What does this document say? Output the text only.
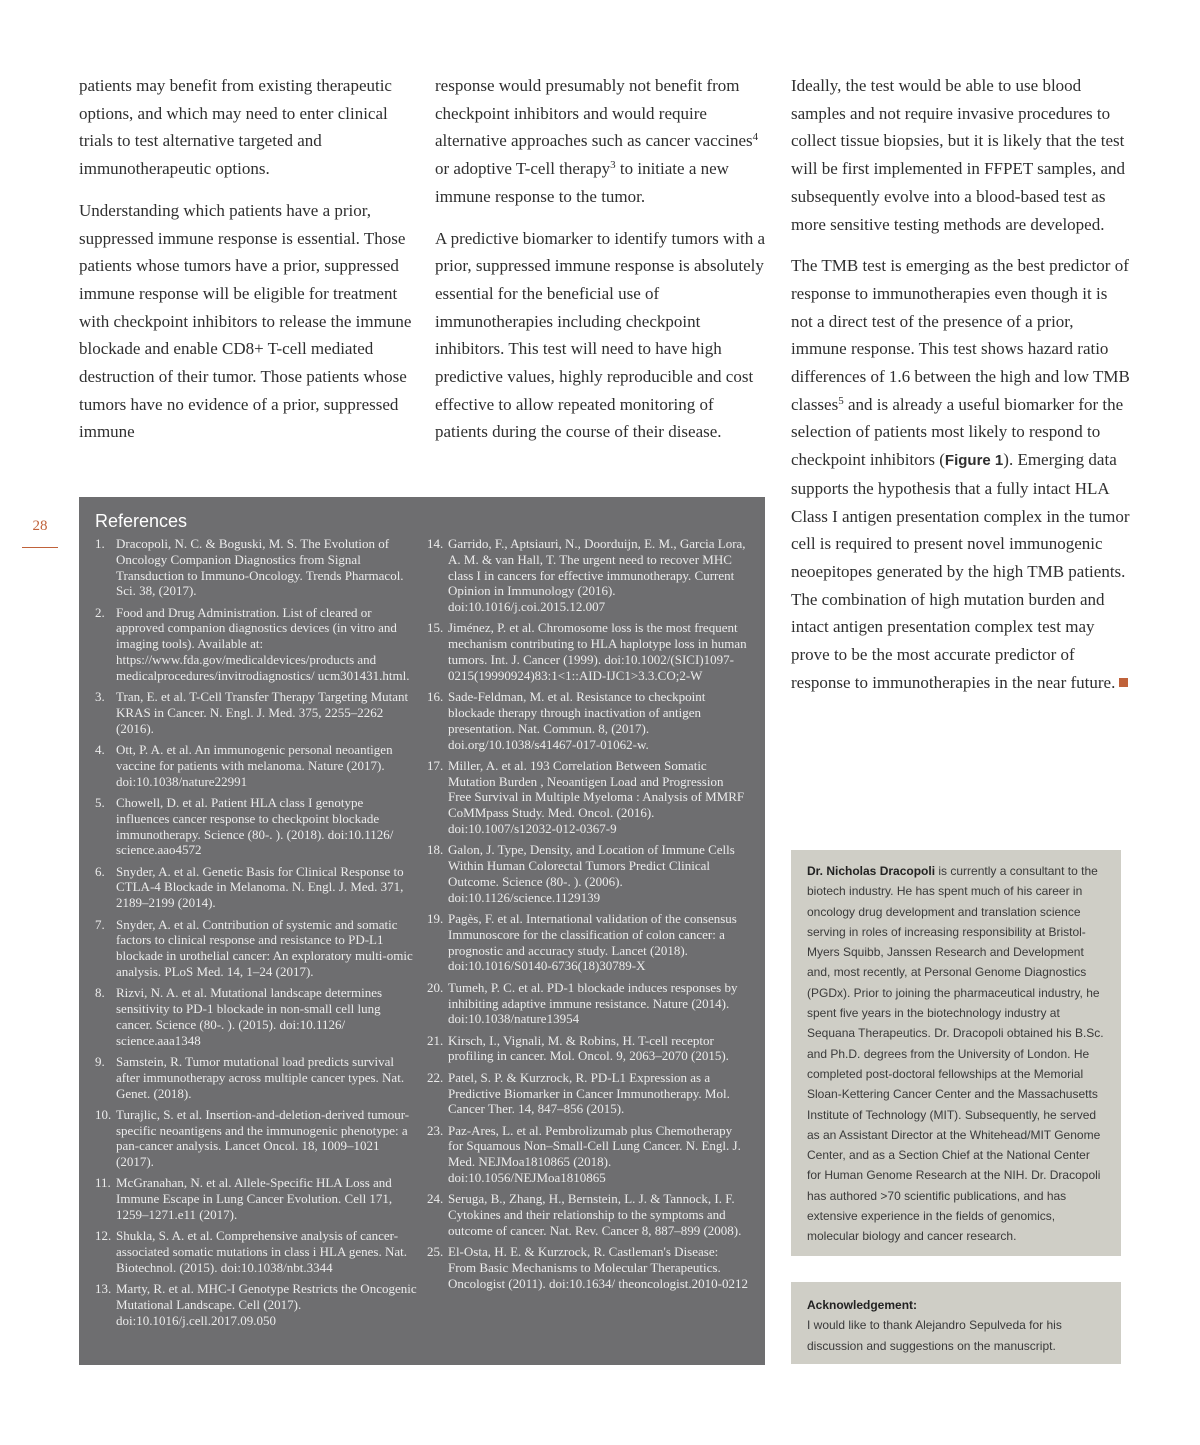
patients may benefit from existing therapeutic options, and which may need to enter clinical trials to test alternative targeted and immunotherapeutic options.

Understanding which patients have a prior, suppressed immune response is essential. Those patients whose tumors have a prior, suppressed immune response will be eligible for treatment with checkpoint inhibitors to release the immune blockade and enable CD8+ T-cell mediated destruction of their tumor. Those patients whose tumors have no evidence of a prior, suppressed immune

response would presumably not benefit from checkpoint inhibitors and would require alternative approaches such as cancer vaccines$^4$ or adoptive T-cell therapy$^3$ to initiate a new immune response to the tumor.

A predictive biomarker to identify tumors with a prior, suppressed immune response is absolutely essential for the beneficial use of immunotherapies including checkpoint inhibitors. This test will need to have high predictive values, highly reproducible and cost effective to allow repeated monitoring of patients during the course of their disease.

Ideally, the test would be able to use blood samples and not require invasive procedures to collect tissue biopsies, but it is likely that the test will be first implemented in FFPET samples, and subsequently evolve into a blood-based test as more sensitive testing methods are developed.

The TMB test is emerging as the best predictor of response to immunotherapies even though it is not a direct test of the presence of a prior, immune response. This test shows hazard ratio differences of 1.6 between the high and low TMB classes$^5$ and is already a useful biomarker for the selection of patients most likely to respond to checkpoint inhibitors (Figure 1). Emerging data supports the hypothesis that a fully intact HLA Class I antigen presentation complex in the tumor cell is required to present novel immunogenic neoepitopes generated by the high TMB patients.

The combination of high mutation burden and intact antigen presentation complex test may prove to be the most accurate predictor of response to immunotherapies in the near future.

28	References
1. Dracopoli, N. C. & Boguski, M. S. The Evolution of Oncology Companion Diagnostics from Signal Transduction to Immuno-Oncology. Trends Pharmacol. Sci. 38, (2017).
2. Food and Drug Administration. List of cleared or approved companion diagnostics devices (in vitro and imaging tools). Available at: https://www.fda.gov/medicaldevices/products and medicalprocedures/invitrodiagnostics/ ucm301431.html.
3. Tran, E. et al. T-Cell Transfer Therapy Targeting Mutant KRAS in Cancer. N. Engl. J. Med. 375, 2255–2262 (2016).
4. Ott, P. A. et al. An immunogenic personal neoantigen vaccine for patients with melanoma. Nature (2017). doi:10.1038/nature22991
5. Chowell, D. et al. Patient HLA class I genotype influences cancer response to checkpoint blockade immunotherapy. Science (80-. ). (2018). doi:10.1126/ science.aao4572
6. Snyder, A. et al. Genetic Basis for Clinical Response to CTLA-4 Blockade in Melanoma. N. Engl. J. Med. 371, 2189–2199 (2014).
7. Snyder, A. et al. Contribution of systemic and somatic factors to clinical response and resistance to PD-L1 blockade in urothelial cancer: An exploratory multi-omic analysis. PLoS Med. 14, 1–24 (2017).
8. Rizvi, N. A. et al. Mutational landscape determines sensitivity to PD-1 blockade in non-small cell lung cancer. Science (80-. ). (2015). doi:10.1126/ science.aaa1348
9. Samstein, R. Tumor mutational load predicts survival after immunotherapy across multiple cancer types. Nat. Genet. (2018).
10. Turajlic, S. et al. Insertion-and-deletion-derived tumour-specific neoantigens and the immunogenic phenotype: a pan-cancer analysis. Lancet Oncol. 18, 1009–1021 (2017).
11. McGranahan, N. et al. Allele-Specific HLA Loss and Immune Escape in Lung Cancer Evolution. Cell 171, 1259–1271.e11 (2017).
12. Shukla, S. A. et al. Comprehensive analysis of cancer-associated somatic mutations in class i HLA genes. Nat. Biotechnol. (2015). doi:10.1038/nbt.3344
13. Marty, R. et al. MHC-I Genotype Restricts the Oncogenic Mutational Landscape. Cell (2017). doi:10.1016/j.cell.2017.09.050
14. Garrido, F., Aptsiauri, N., Doorduijn, E. M., Garcia Lora, A. M. & van Hall, T. The urgent need to recover MHC class I in cancers for effective immunotherapy. Current Opinion in Immunology (2016). doi:10.1016/j.coi.2015.12.007
15. Jiménez, P. et al. Chromosome loss is the most frequent mechanism contributing to HLA haplotype loss in human tumors. Int. J. Cancer (1999). doi:10.1002/(SICI)1097-0215(19990924)83:1<1::AID-IJC1>3.3.CO;2-W
16. Sade-Feldman, M. et al. Resistance to checkpoint blockade therapy through inactivation of antigen presentation. Nat. Commun. 8, (2017). doi.org/10.1038/s41467-017-01062-w.
17. Miller, A. et al. 193 Correlation Between Somatic Mutation Burden , Neoantigen Load and Progression Free Survival in Multiple Myeloma : Analysis of MMRF CoMMpass Study. Med. Oncol. (2016). doi:10.1007/s12032-012-0367-9
18. Galon, J. Type, Density, and Location of Immune Cells Within Human Colorectal Tumors Predict Clinical Outcome. Science (80-. ). (2006). doi:10.1126/science.1129139
19. Pagès, F. et al. International validation of the consensus Immunoscore for the classification of colon cancer: a prognostic and accuracy study. Lancet (2018). doi:10.1016/S0140-6736(18)30789-X
20. Tumeh, P. C. et al. PD-1 blockade induces responses by inhibiting adaptive immune resistance. Nature (2014). doi:10.1038/nature13954
21. Kirsch, I., Vignali, M. & Robins, H. T-cell receptor profiling in cancer. Mol. Oncol. 9, 2063–2070 (2015).
22. Patel, S. P. & Kurzrock, R. PD-L1 Expression as a Predictive Biomarker in Cancer Immunotherapy. Mol. Cancer Ther. 14, 847–856 (2015).
23. Paz-Ares, L. et al. Pembrolizumab plus Chemotherapy for Squamous Non–Small-Cell Lung Cancer. N. Engl. J. Med. NEJMoa1810865 (2018). doi:10.1056/NEJMoa1810865
24. Seruga, B., Zhang, H., Bernstein, L. J. & Tannock, I. F. Cytokines and their relationship to the symptoms and outcome of cancer. Nat. Rev. Cancer 8, 887–899 (2008).
25. El-Osta, H. E. & Kurzrock, R. Castleman's Disease: From Basic Mechanisms to Molecular Therapeutics. Oncologist (2011). doi:10.1634/ theoncologist.2010-0212
Dr. Nicholas Dracopoli is currently a consultant to the biotech industry. He has spent much of his career in oncology drug development and translation science serving in roles of increasing responsibility at Bristol-Myers Squibb, Janssen Research and Development and, most recently, at Personal Genome Diagnostics (PGDx). Prior to joining the pharmaceutical industry, he spent five years in the biotechnology industry at Sequana Therapeutics. Dr. Dracopoli obtained his B.Sc. and Ph.D. degrees from the University of London. He completed post-doctoral fellowships at the Memorial Sloan-Kettering Cancer Center and the Massachusetts Institute of Technology (MIT). Subsequently, he served as an Assistant Director at the Whitehead/MIT Genome Center, and as a Section Chief at the National Center for Human Genome Research at the NIH. Dr. Dracopoli has authored >70 scientific publications, and has extensive experience in the fields of genomics, molecular biology and cancer research.
Acknowledgement:
I would like to thank Alejandro Sepulveda for his discussion and suggestions on the manuscript.
